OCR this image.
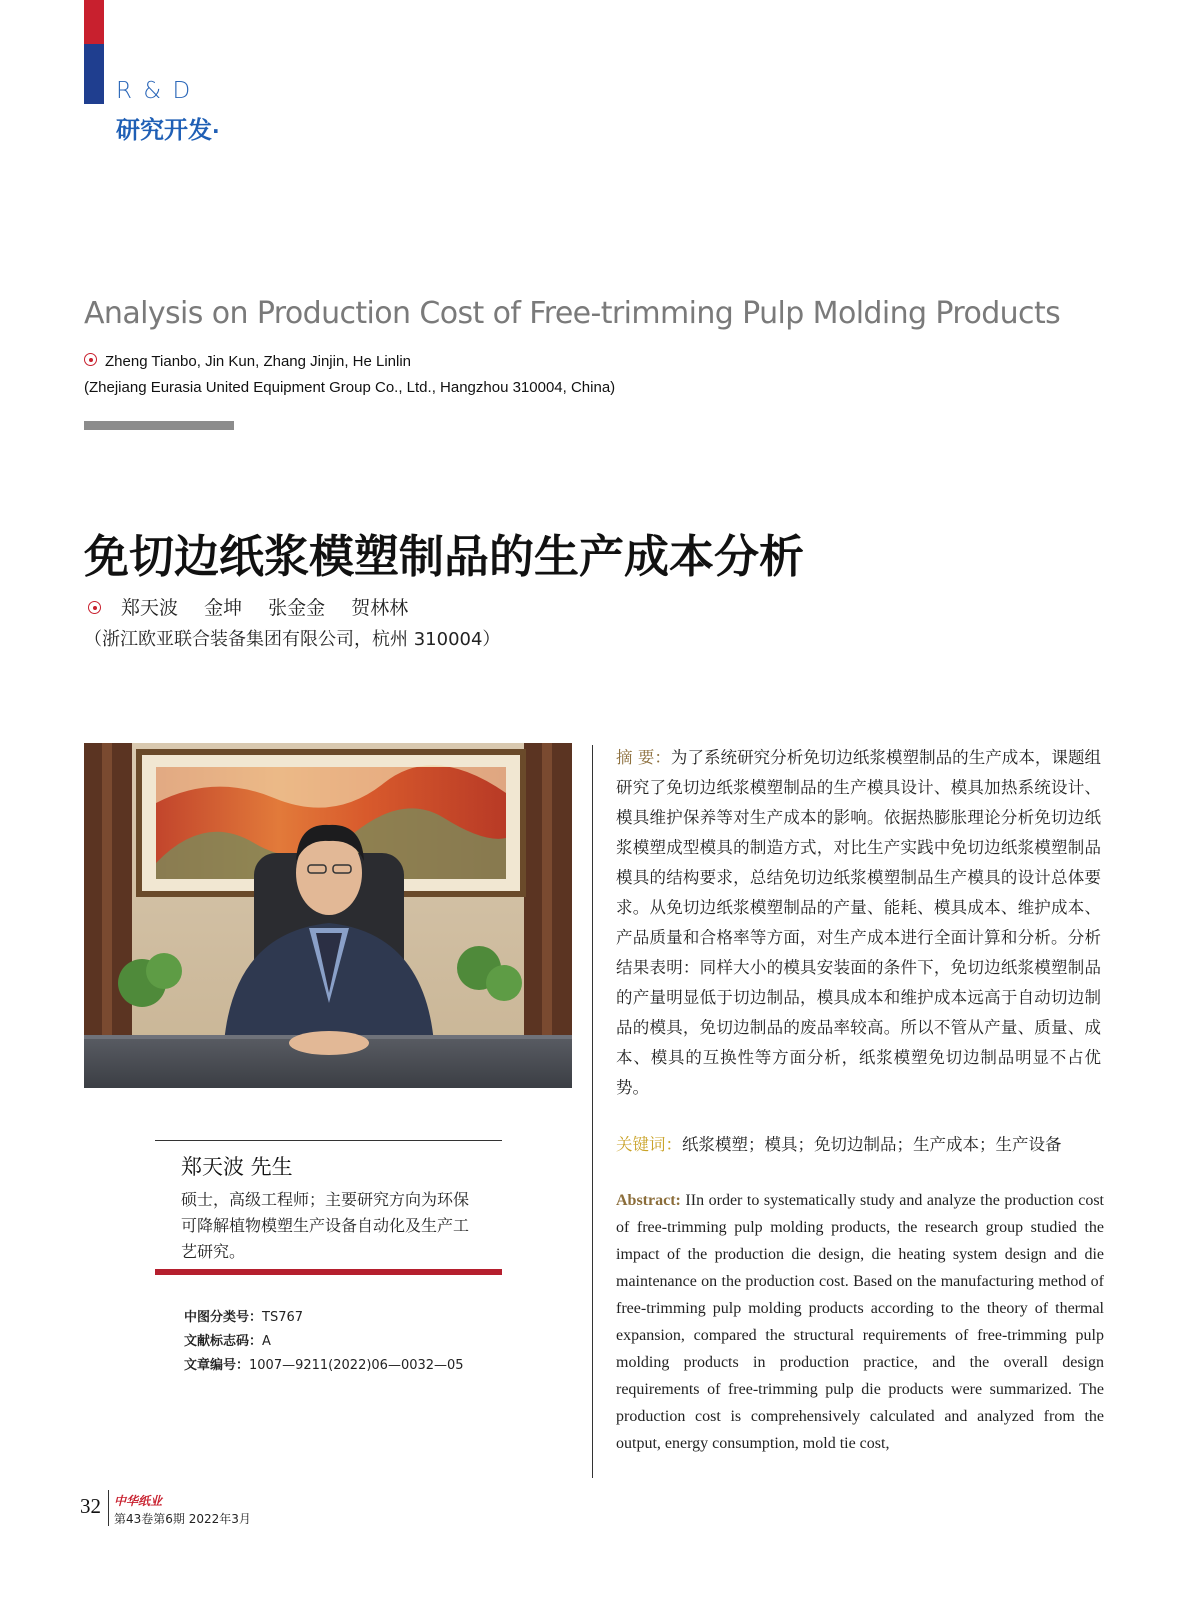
R & D
研究开发·
Analysis on Production Cost of Free-trimming Pulp Molding Products
Zheng Tianbo, Jin Kun, Zhang Jinjin, He Linlin
(Zhejiang Eurasia United Equipment Group Co., Ltd., Hangzhou 310004, China)
免切边纸浆模塑制品的生产成本分析
郑天波 金坤 张金金 贺林林
（浙江欧亚联合装备集团有限公司，杭州 310004）
郑天波 先生
硕士，高级工程师；主要研究方向为环保可降解植物模塑生产设备自动化及生产工艺研究。
中图分类号：TS767
文献标志码：A
文章编号：1007—9211(2022)06—0032—05
摘 要：为了系统研究分析免切边纸浆模塑制品的生产成本，课题组研究了免切边纸浆模塑制品的生产模具设计、模具加热系统设计、模具维护保养等对生产成本的影响。依据热膨胀理论分析免切边纸浆模塑成型模具的制造方式，对比生产实践中免切边纸浆模塑制品模具的结构要求，总结免切边纸浆模塑制品生产模具的设计总体要求。从免切边纸浆模塑制品的产量、能耗、模具成本、维护成本、产品质量和合格率等方面，对生产成本进行全面计算和分析。分析结果表明：同样大小的模具安装面的条件下，免切边纸浆模塑制品的产量明显低于切边制品，模具成本和维护成本远高于自动切边制品的模具，免切边制品的废品率较高。所以不管从产量、质量、成本、模具的互换性等方面分析，纸浆模塑免切边制品明显不占优势。
关键词：纸浆模塑；模具；免切边制品；生产成本；生产设备
Abstract: IIn order to systematically study and analyze the production cost of free-trimming pulp molding products, the research group studied the impact of the production die design, die heating system design and die maintenance on the production cost. Based on the manufacturing method of free-trimming pulp molding products according to the theory of thermal expansion, compared the structural requirements of free-trimming pulp molding products in production practice, and the overall design requirements of free-trimming pulp die products were summarized. The production cost is comprehensively calculated and analyzed from the output, energy consumption, mold tie cost,
32 中华纸业
第43卷第6期 2022年3月
